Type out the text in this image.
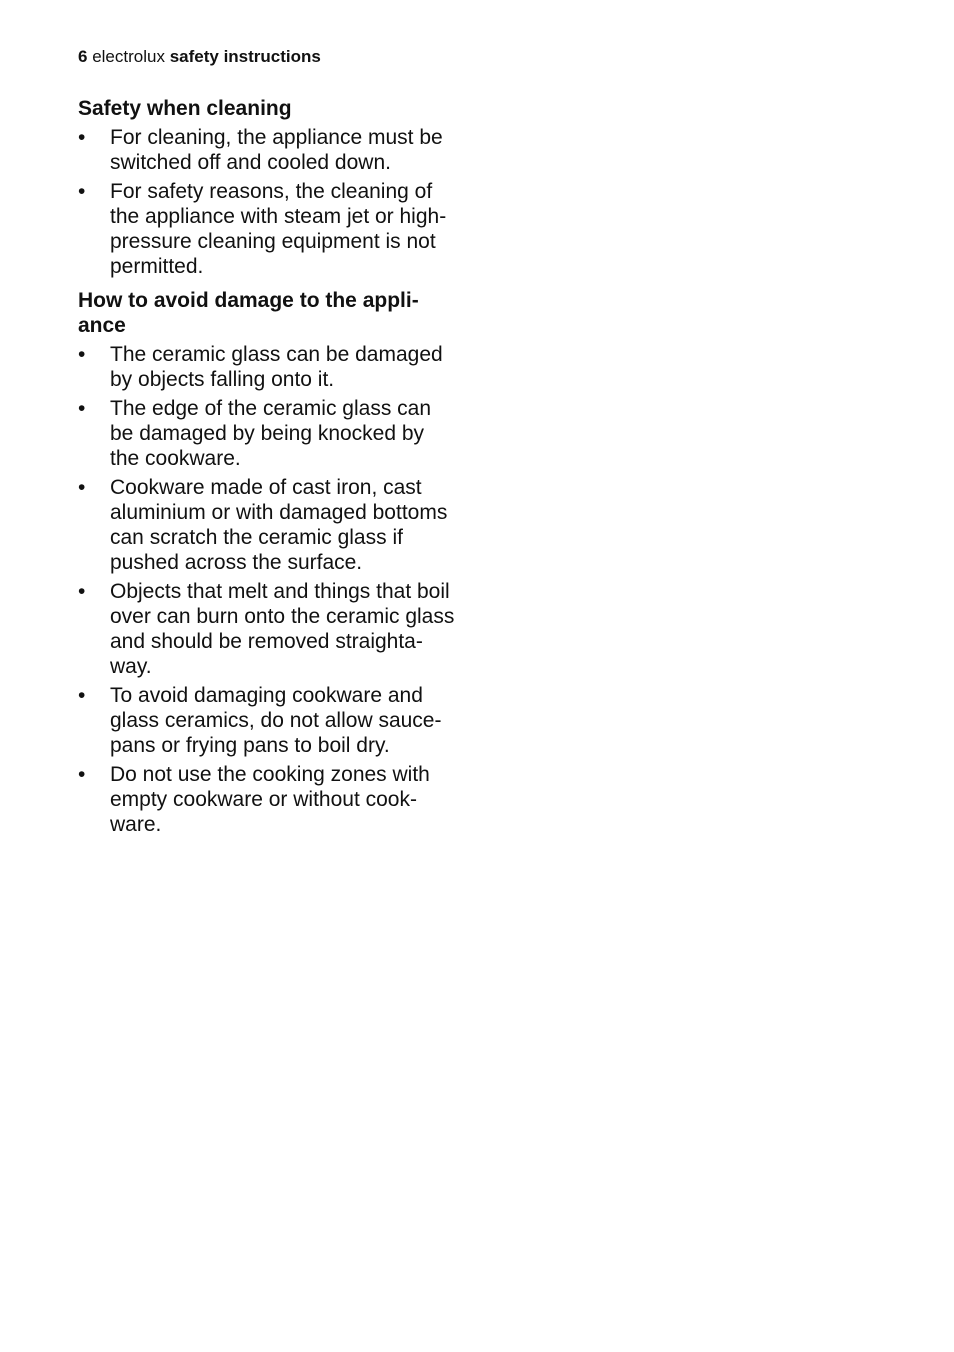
6 electrolux safety instructions
Safety when cleaning
•	For cleaning, the appliance must be
switched off and cooled down.
•	For safety reasons, the cleaning of
the appliance with steam jet or high-
pressure cleaning equipment is not
permitted.
How to avoid damage to the appli-
ance
•	The ceramic glass can be damaged
by objects falling onto it.
•	The edge of the ceramic glass can
be damaged by being knocked by
the cookware.
•	Cookware made of cast iron, cast
aluminium or with damaged bottoms
can scratch the ceramic glass if
pushed across the surface.
•	Objects that melt and things that boil
over can burn onto the ceramic glass
and should be removed straighta-
way.
•	To avoid damaging cookware and
glass ceramics, do not allow sauce-
pans or frying pans to boil dry.
•	Do not use the cooking zones with
empty cookware or without cook-
ware.
